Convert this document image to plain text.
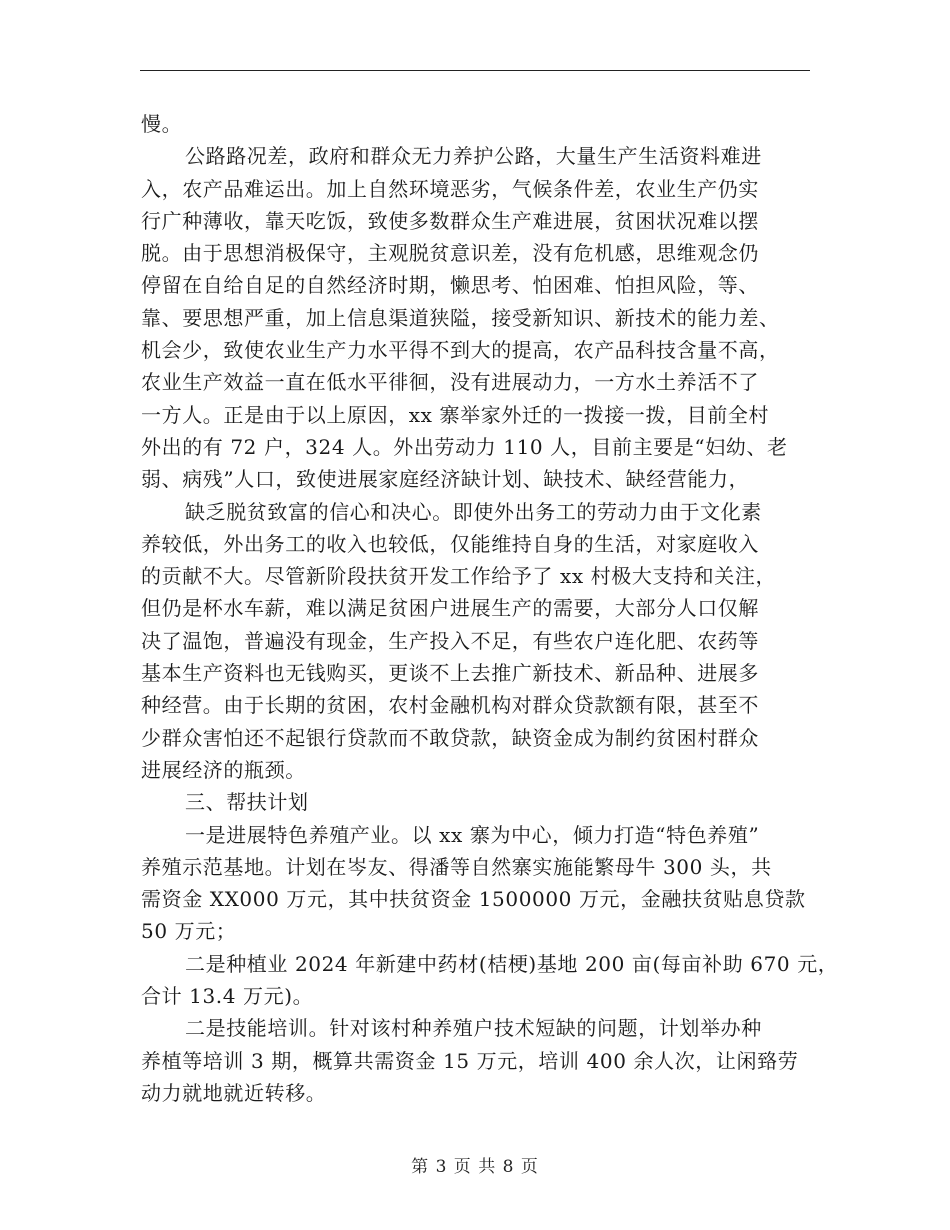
慢。
公路路况差，政府和群众无力养护公路，大量生产生活资料难进
入，农产品难运出。加上自然环境恶劣，气候条件差，农业生产仍实
行广种薄收，靠天吃饭，致使多数群众生产难进展，贫困状况难以摆
脱。由于思想消极保守，主观脱贫意识差，没有危机感，思维观念仍
停留在自给自足的自然经济时期，懒思考、怕困难、怕担风险，等、
靠、要思想严重，加上信息渠道狭隘，接受新知识、新技术的能力差、
机会少，致使农业生产力水平得不到大的提高，农产品科技含量不高，
农业生产效益一直在低水平徘徊，没有进展动力，一方水土养活不了
一方人。正是由于以上原因，xx 寨举家外迁的一拨接一拨，目前全村
外出的有 72 户，324 人。外出劳动力 110 人，目前主要是“妇幼、老
弱、病残”人口，致使进展家庭经济缺计划、缺技术、缺经营能力，
缺乏脱贫致富的信心和决心。即使外出务工的劳动力由于文化素
养较低，外出务工的收入也较低，仅能维持自身的生活，对家庭收入
的贡献不大。尽管新阶段扶贫开发工作给予了 xx 村极大支持和关注，
但仍是杯水车薪，难以满足贫困户进展生产的需要，大部分人口仅解
决了温饱，普遍没有现金，生产投入不足，有些农户连化肥、农药等
基本生产资料也无钱购买，更谈不上去推广新技术、新品种、进展多
种经营。由于长期的贫困，农村金融机构对群众贷款额有限，甚至不
少群众害怕还不起银行贷款而不敢贷款，缺资金成为制约贫困村群众
进展经济的瓶颈。
三、帮扶计划
一是进展特色养殖产业。以 xx 寨为中心，倾力打造“特色养殖”
养殖示范基地。计划在岑友、得潘等自然寨实施能繁母牛 300 头，共
需资金 XX000 万元，其中扶贫资金 1500000 万元，金融扶贫贴息贷款
50 万元；
二是种植业 2024 年新建中药材(桔梗)基地 200 亩(每亩补助 670 元，
合计 13.4 万元)。
二是技能培训。针对该村种养殖户技术短缺的问题，计划举办种
养植等培训 3 期，概算共需资金 15 万元，培训 400 余人次，让闲臵劳
动力就地就近转移。
第 3 页 共 8 页
